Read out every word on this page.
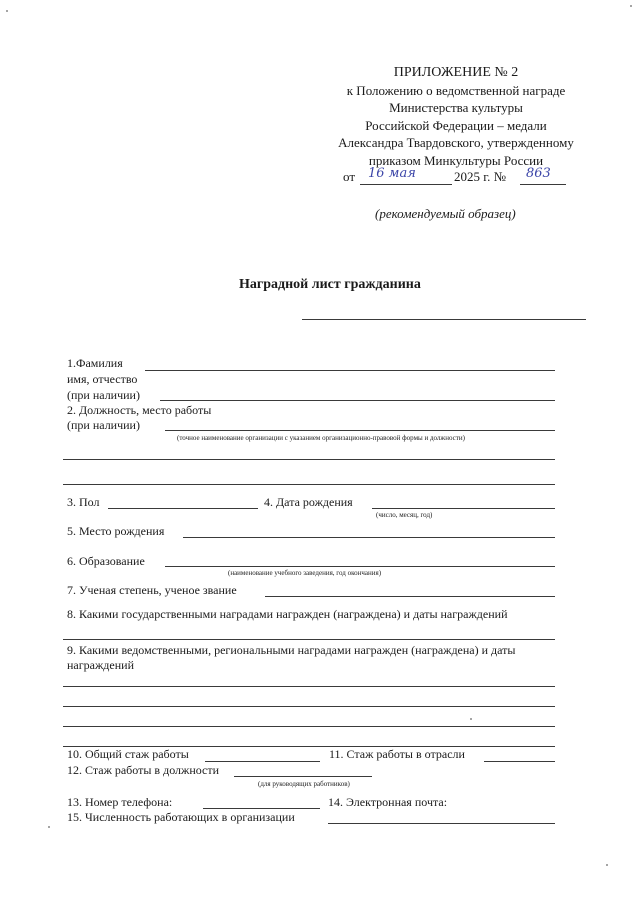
ПРИЛОЖЕНИЕ № 2
к Положению о ведомственной награде
Министерства культуры
Российской Федерации – медали
Александра Твардовского, утвержденному
приказом Минкультуры России
от 16 мая	2025 г. № 863
(рекомендуемый образец)
Наградной лист гражданина
1.Фамилия
имя, отчество
(при наличии)
2. Должность, место работы
(при наличии)
(точное наименование организации с указанием организационно-правовой формы и должности)
3. Пол	4. Дата рождения
(число, месяц, год)
5. Место рождения
6. Образование
(наименование учебного заведения, год окончания)
7. Ученая степень, ученое звание
8. Какими государственными наградами награжден (награждена) и даты награждений
9. Какими ведомственными, региональными наградами награжден (награждена) и даты
награждений
10. Общий стаж работы	11. Стаж работы в отрасли
12. Стаж работы в должности
(для руководящих работников)
13. Номер телефона:	14. Электронная почта:
15. Численность работающих в организации
